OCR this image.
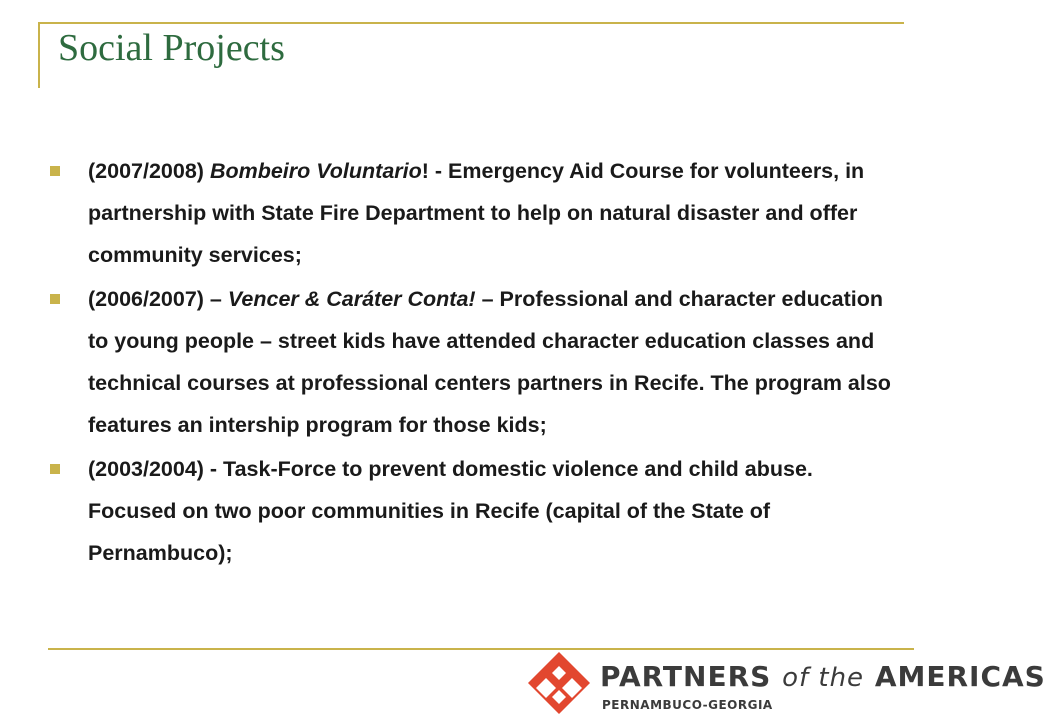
Social Projects
(2007/2008) Bombeiro Voluntario! - Emergency Aid Course for volunteers, in partnership with State Fire Department to help on natural disaster and offer community services;
(2006/2007) – Vencer & Caráter Conta! – Professional and character education to young people – street kids have attended character education classes and technical courses at professional centers partners in Recife. The program also features an intership program for those kids;
(2003/2004) - Task-Force to prevent domestic violence and child abuse. Focused on two poor communities in Recife (capital of the State of Pernambuco);
PARTNERS of the AMERICAS
PERNAMBUCO-GEORGIA
